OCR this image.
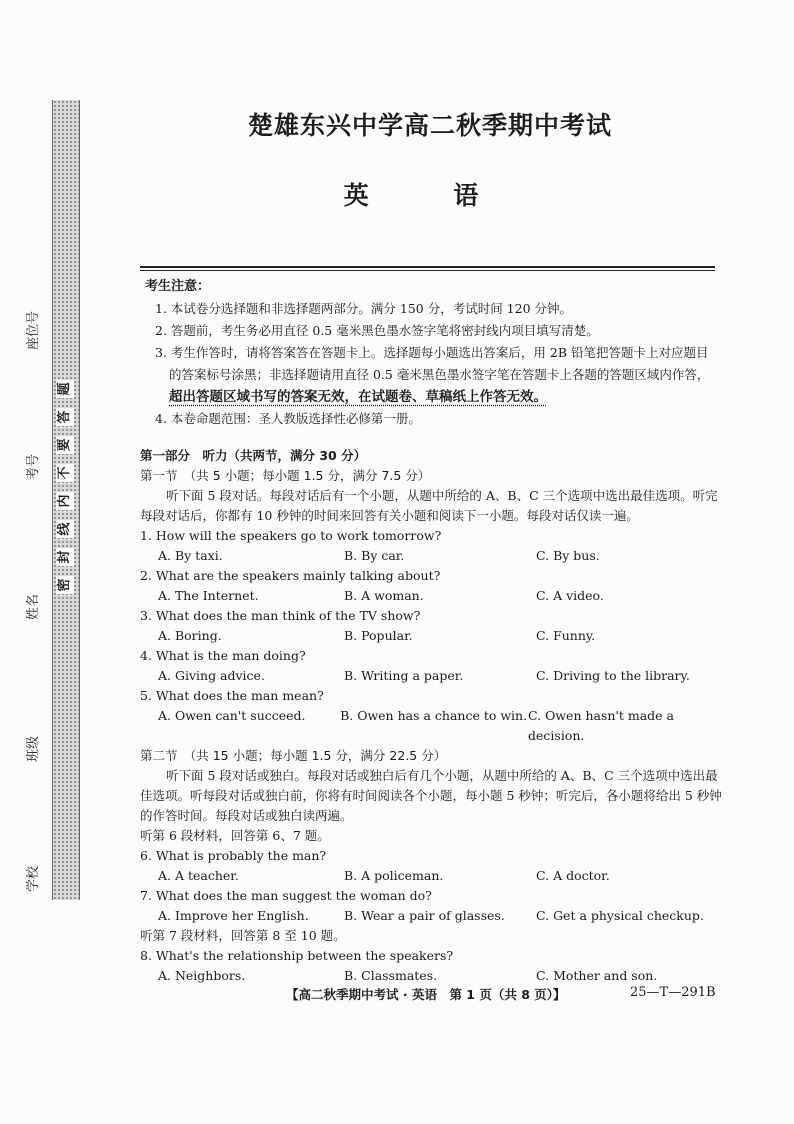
题
答
要
不
内
线
封
密
座位号
考号
姓名
班级
学校
楚雄东兴中学高二秋季期中考试
英 语
考生注意：
1. 本试卷分选择题和非选择题两部分。满分 150 分，考试时间 120 分钟。
2. 答题前，考生务必用直径 0.5 毫米黑色墨水签字笔将密封线内项目填写清楚。
3. 考生作答时，请将答案答在答题卡上。选择题每小题选出答案后，用 2B 铅笔把答题卡上对应题目的答案标号涂黑；非选择题请用直径 0.5 毫米黑色墨水签字笔在答题卡上各题的答题区域内作答，超出答题区域书写的答案无效，在试题卷、草稿纸上作答无效。
4. 本卷命题范围：圣人教版选择性必修第一册。
第一部分　听力（共两节，满分 30 分）
第一节　（共 5 小题；每小题 1.5 分，满分 7.5 分）
听下面 5 段对话。每段对话后有一个小题，从题中所给的 A、B、C 三个选项中选出最佳选项。听完每段对话后，你都有 10 秒钟的时间来回答有关小题和阅读下一小题。每段对话仅读一遍。
1. How will the speakers go to work tomorrow?
A. By taxi.	B. By car.	C. By bus.
2. What are the speakers mainly talking about?
A. The Internet.	B. A woman.	C. A video.
3. What does the man think of the TV show?
A. Boring.	B. Popular.	C. Funny.
4. What is the man doing?
A. Giving advice.	B. Writing a paper.	C. Driving to the library.
5. What does the man mean?
A. Owen can't succeed.	B. Owen has a chance to win. C. Owen hasn't made a decision.
第二节　（共 15 小题；每小题 1.5 分，满分 22.5 分）
听下面 5 段对话或独白。每段对话或独白后有几个小题，从题中所给的 A、B、C 三个选项中选出最佳选项。听每段对话或独白前，你将有时间阅读各个小题，每小题 5 秒钟；听完后，各小题将给出 5 秒钟的作答时间。每段对话或独白读两遍。
听第 6 段材料，回答第 6、7 题。
6. What is probably the man?
A. A teacher.	B. A policeman.	C. A doctor.
7. What does the man suggest the woman do?
A. Improve her English.	B. Wear a pair of glasses.	C. Get a physical checkup.
听第 7 段材料，回答第 8 至 10 题。
8. What's the relationship between the speakers?
A. Neighbors.	B. Classmates.	C. Mother and son.
【高二秋季期中考试 · 英语　第 1 页（共 8 页）】	25—T—291B
